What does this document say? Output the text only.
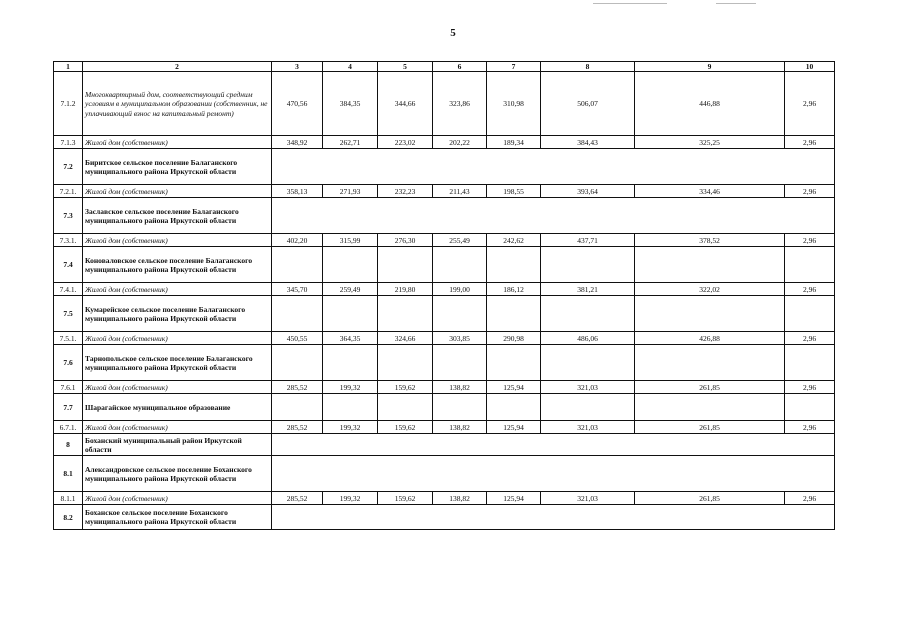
5
1	2	3	4	5	6	7	8	9	10
7.1.2	Многоквартирный дом, соответствующий средним условиям в муниципальном образовании (собственник, не уплачивающий взнос на капитальный ремонт)	470,56	384,35	344,66	323,86	310,98	506,07	446,88	2,96
7.1.3	Жилой дом (собственник)	348,92	262,71	223,02	202,22	189,34	384,43	325,25	2,96
7.2	Биритское сельское поселение Балаганского муниципального района Иркутской области								
7.2.1.	Жилой дом (собственник)	358,13	271,93	232,23	211,43	198,55	393,64	334,46	2,96
7.3	Заславское сельское поселение Балаганского муниципального района Иркутской области								
7.3.1.	Жилой дом (собственник)	402,20	315,99	276,30	255,49	242,62	437,71	378,52	2,96
7.4	Коноваловское сельское поселение Балаганского муниципального района Иркутской области								
7.4.1.	Жилой дом (собственник)	345,70	259,49	219,80	199,00	186,12	381,21	322,02	2,96
7.5	Кумарейское сельское поселение Балаганского муниципального района Иркутской области								
7.5.1.	Жилой дом (собственник)	450,55	364,35	324,66	303,85	290,98	486,06	426,88	2,96
7.6	Тарнопольское сельское поселение Балаганского муниципального района Иркутской области								
7.6.1	Жилой дом (собственник)	285,52	199,32	159,62	138,82	125,94	321,03	261,85	2,96
7.7	Шарагайское муниципальное образование								
6.7.1.	Жилой дом (собственник)	285,52	199,32	159,62	138,82	125,94	321,03	261,85	2,96
8	Боханский муниципальный район Иркутской области								
8.1	Александровское сельское поселение Боханского муниципального района Иркутской области								
8.1.1	Жилой дом (собственник)	285,52	199,32	159,62	138,82	125,94	321,03	261,85	2,96
8.2	Боханское сельское поселение Боханского муниципального района Иркутской области								
